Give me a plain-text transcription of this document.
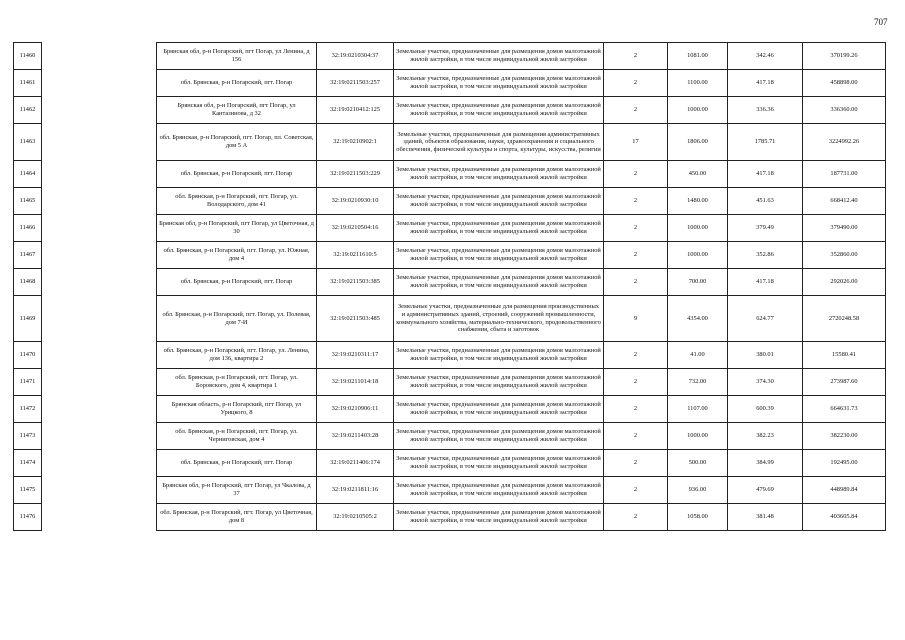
707
11460		Брянская обл, р-н Погарский, пгт Погар, ул Ленина, д 156	32:19:0210304:37	Земельные участки, предназначенные для размещения домов малоэтажной жилой застройки, в том числе индивидуальной жилой застройки	2	1081.00	342.46	370199.26
11461		обл. Брянская, р-н Погарский, пгт. Погар	32:19:0211503:257	Земельные участки, предназначенные для размещения домов малоэтажной жилой застройки, в том числе индивидуальной жилой застройки	2	1100.00	417.18	458898.00
11462		Брянская обл, р-н Погарский, пгт Погар, ул Кантазинова, д 32	32:19:0210412:125	Земельные участки, предназначенные для размещения домов малоэтажной жилой застройки, в том числе индивидуальной жилой застройки	2	1000.00	336.36	336360.00
11463		обл. Брянская, р-н Погарский, пгт. Погар, пл. Советская, дом 5 А	32:19:0210902:1	Земельные участки, предназначенные для размещения административных зданий, объектов образования, науки, здравоохранения и социального обеспечения, физической культуры и спорта, культуры, искусства, религии	17	1806.00	1785.71	3224992.26
11464		обл. Брянская, р-н Погарский, пгт. Погар	32:19:0211503:229	Земельные участки, предназначенные для размещения домов малоэтажной жилой застройки, в том числе индивидуальной жилой застройки	2	450.00	417.18	187731.00
11465		обл. Брянская, р-н Погарский, пгт. Погар, ул. Володарского, дом 41	32:19:0210930:10	Земельные участки, предназначенные для размещения домов малоэтажной жилой застройки, в том числе индивидуальной жилой застройки	2	1480.00	451.63	668412.40
11466		Брянская обл, р-н Погарский, пгт Погар, ул Цветочная, д 30	32:19:0210504:16	Земельные участки, предназначенные для размещения домов малоэтажной жилой застройки, в том числе индивидуальной жилой застройки	2	1000.00	379.49	379490.00
11467		обл. Брянская, р-н Погарский, пгт. Погар, ул. Южная, дом 4	32:19:0211610:5	Земельные участки, предназначенные для размещения домов малоэтажной жилой застройки, в том числе индивидуальной жилой застройки	2	1000.00	352.86	352860.00
11468		обл. Брянская, р-н Погарский, пгт. Погар	32:19:0211503:385	Земельные участки, предназначенные для размещения домов малоэтажной жилой застройки, в том числе индивидуальной жилой застройки	2	700.00	417.18	292026.00
11469		обл. Брянская, р-н Погарский, пгт. Погар, ул. Полевая, дом 7-И	32:19:0211503:485	Земельные участки, предназначенные для размещения производственных и административных зданий, строений, сооружений промышленности, коммунального хозяйства, материально-технического, продовольственного снабжения, сбыта и заготовок	9	4354.00	624.77	2720248.58
11470		обл. Брянская, р-н Погарский, пгт. Погар, ул. Ленина, дом 136, квартира 2	32:19:0210311:17	Земельные участки, предназначенные для размещения домов малоэтажной жилой застройки, в том числе индивидуальной жилой застройки	2	41.00	380.01	15580.41
11471		обл. Брянская, р-н Погарский, пгт. Погар, ул. Боровского, дом 4, квартира 1	32:19:0211014:18	Земельные участки, предназначенные для размещения домов малоэтажной жилой застройки, в том числе индивидуальной жилой застройки	2	732.00	374.30	273987.60
11472		Брянская область, р-н Погарский, пгт Погар, ул Урицкого, 8	32:19:0210906:11	Земельные участки, предназначенные для размещения домов малоэтажной жилой застройки, в том числе индивидуальной жилой застройки	2	1107.00	600.39	664631.73
11473		обл. Брянская, р-н Погарский, пгт. Погар, ул. Черниговская, дом 4	32:19:0211403:28	Земельные участки, предназначенные для размещения домов малоэтажной жилой застройки, в том числе индивидуальной жилой застройки	2	1000.00	382.23	382230.00
11474		обл. Брянская, р-н Погарский, пгт. Погар	32:19:0211406:174	Земельные участки, предназначенные для размещения домов малоэтажной жилой застройки, в том числе индивидуальной жилой застройки	2	500.00	384.99	192495.00
11475		Брянская обл, р-н Погарский, пгт Погар, ул Чкалова, д 37	32:19:0211811:16	Земельные участки, предназначенные для размещения домов малоэтажной жилой застройки, в том числе индивидуальной жилой застройки	2	936.00	479.69	448989.84
11476		обл. Брянская, р-н Погарский, пгт. Погар, ул Цветочная, дом 8	32:19:0210505:2	Земельные участки, предназначенные для размещения домов малоэтажной жилой застройки, в том числе индивидуальной жилой застройки	2	1058.00	381.48	403605.84
